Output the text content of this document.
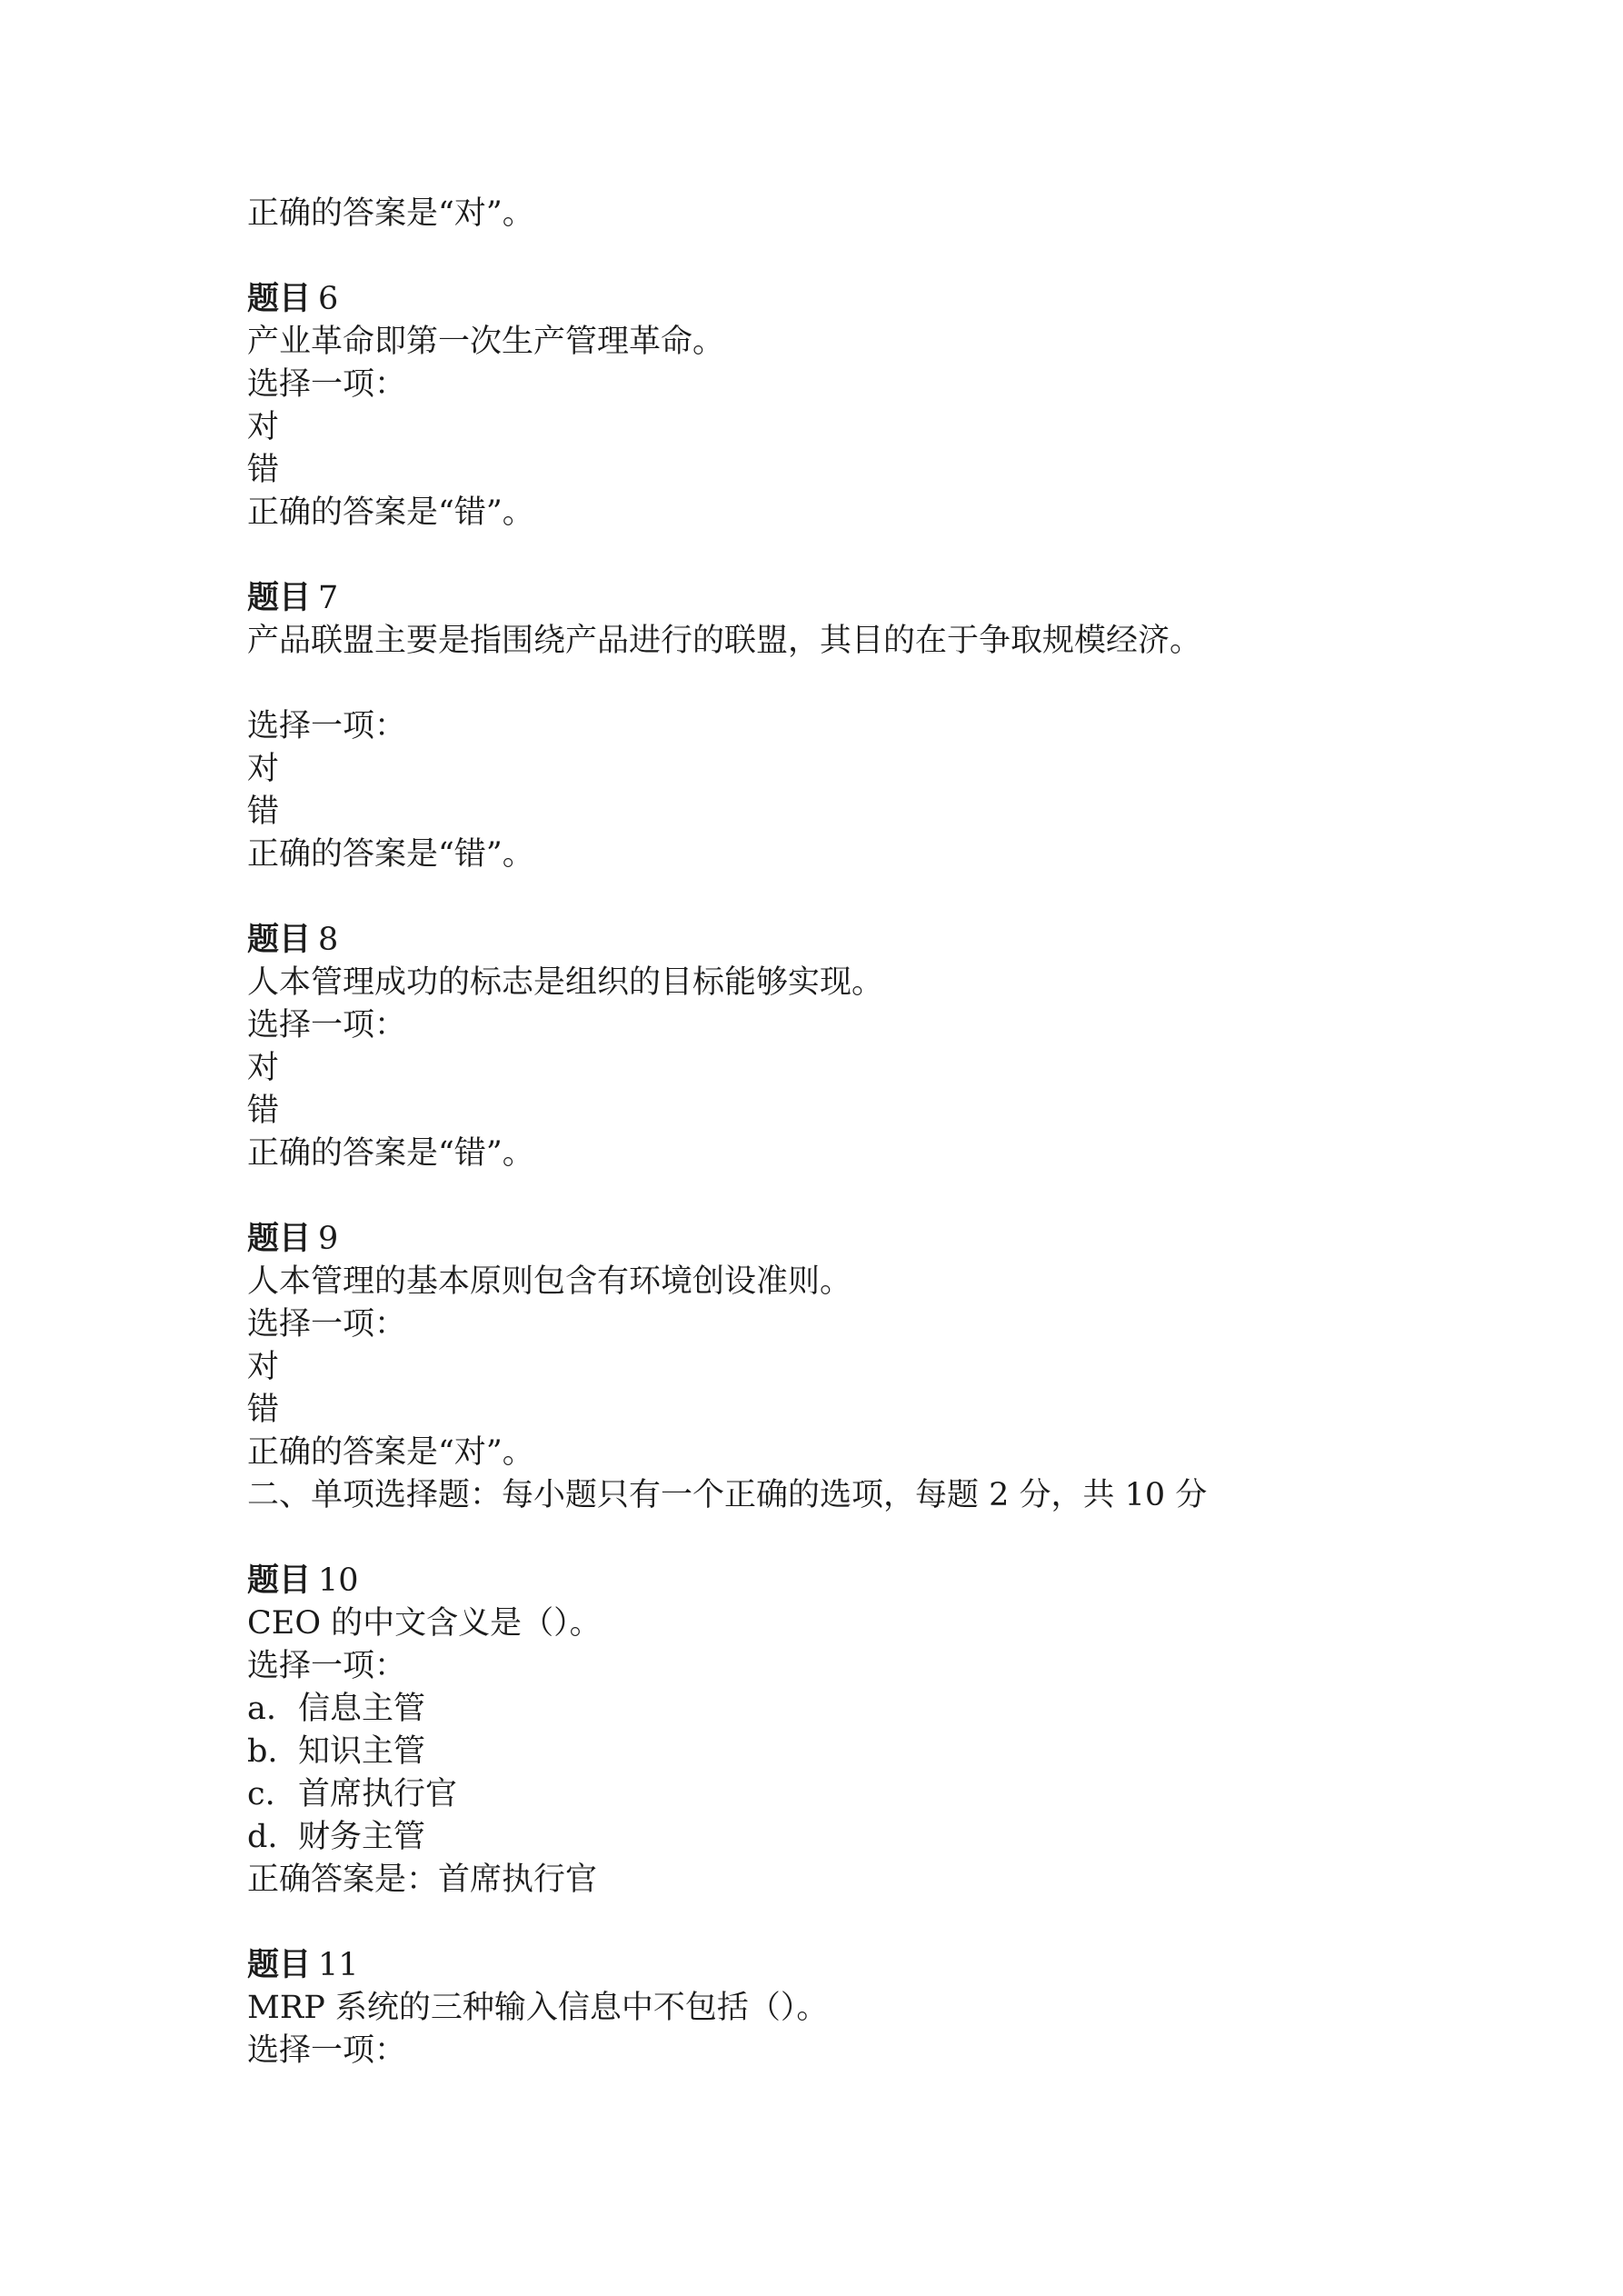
正确的答案是“对”。
题目 6
产业革命即第一次生产管理革命。
选择一项：
对
错
正确的答案是“错”。
题目 7
产品联盟主要是指围绕产品进行的联盟，其目的在于争取规模经济。
选择一项：
对
错
正确的答案是“错”。
题目 8
人本管理成功的标志是组织的目标能够实现。
选择一项：
对
错
正确的答案是“错”。
题目 9
人本管理的基本原则包含有环境创设准则。
选择一项：
对
错
正确的答案是“对”。
二、单项选择题：每小题只有一个正确的选项，每题 2 分，共 10 分
题目 10
CEO 的中文含义是（）。
选择一项：
a. 信息主管
b. 知识主管
c. 首席执行官
d. 财务主管
正确答案是：首席执行官
题目 11
MRP 系统的三种输入信息中不包括（）。
选择一项：
